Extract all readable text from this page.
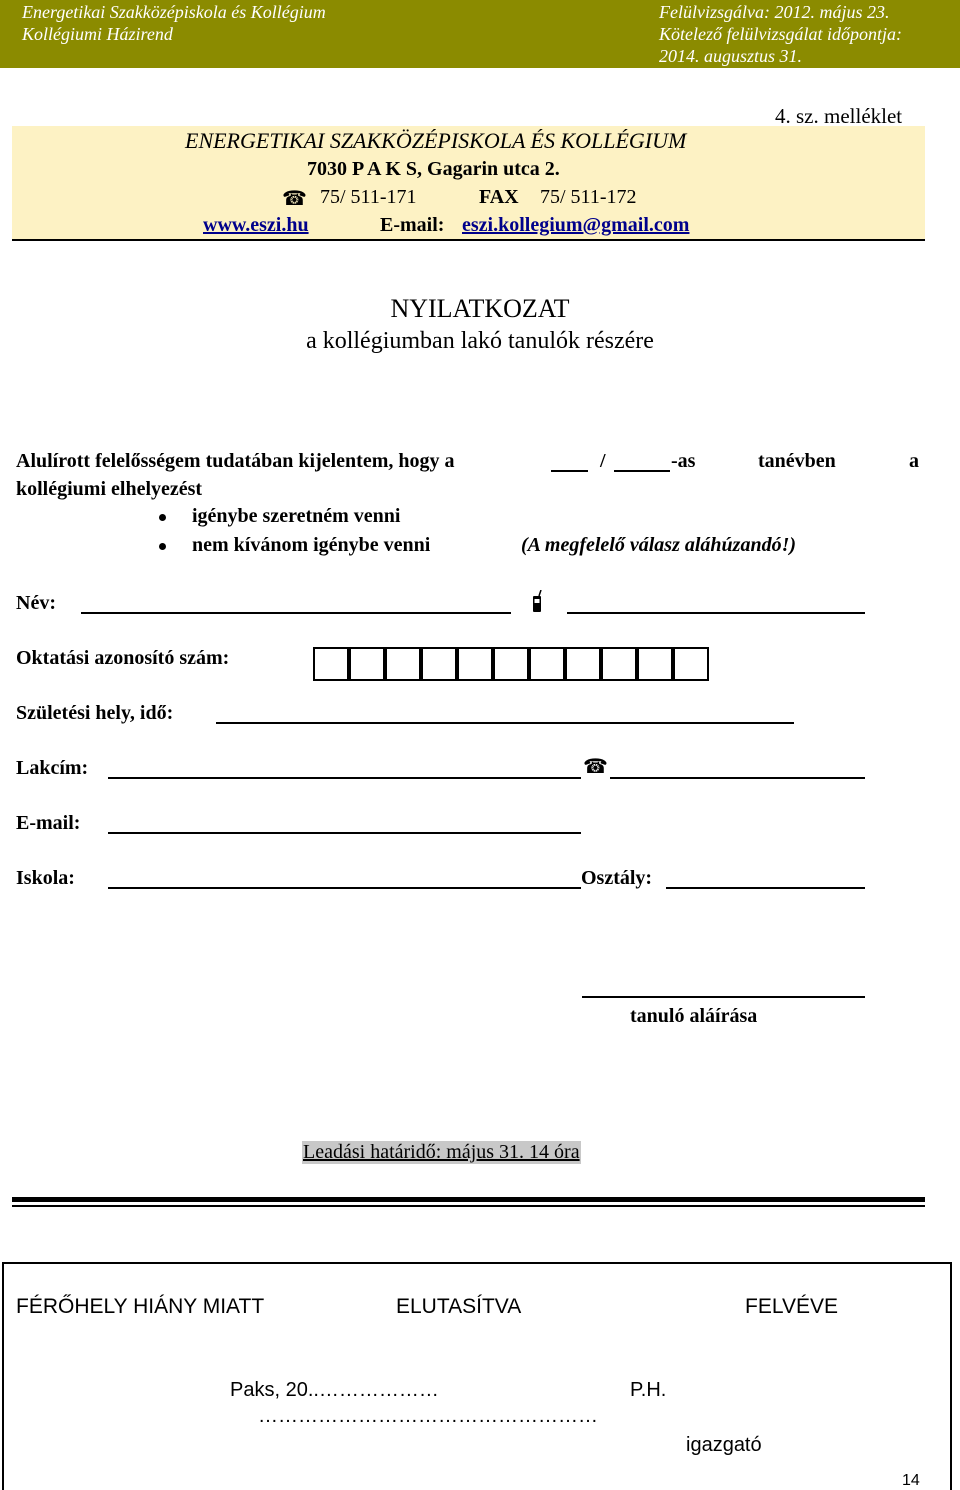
Energetikai Szakközépiskola és Kollégium
Kollégiumi Házirend
Felülvizsgálva: 2012. május 23.
Kötelező felülvizsgálat időpontja:
2014. augusztus 31.
4. sz. melléklet
ENERGETIKAI SZAKKÖZÉPISKOLA ÉS KOLLÉGIUM
7030 P A K S, Gagarin utca 2.
☎ 75/ 511-171	FAX 75/ 511-172
www.eszi.hu	E-mail: eszi.kollegium@gmail.com
NYILATKOZAT
a kollégiumban lakó tanulók részére
Alulírott felelősségem tudatában kijelentem, hogy a	/	-as	tanévben	a
kollégiumi elhelyezést
igénybe szeretném venni
nem kívánom igénybe venni	(A megfelelő válasz aláhúzandó!)
Név:
Oktatási azonosító szám:
Születési hely, idő:
Lakcím:	☎
E-mail:
Iskola:	Osztály:
tanuló aláírása
Leadási határidő: május 31. 14 óra
FÉRŐHELY HIÁNY MIATT	ELUTASÍTVA	FELVÉVE
Paks, 20..………………	P.H.
……………………………………………
igazgató
14
